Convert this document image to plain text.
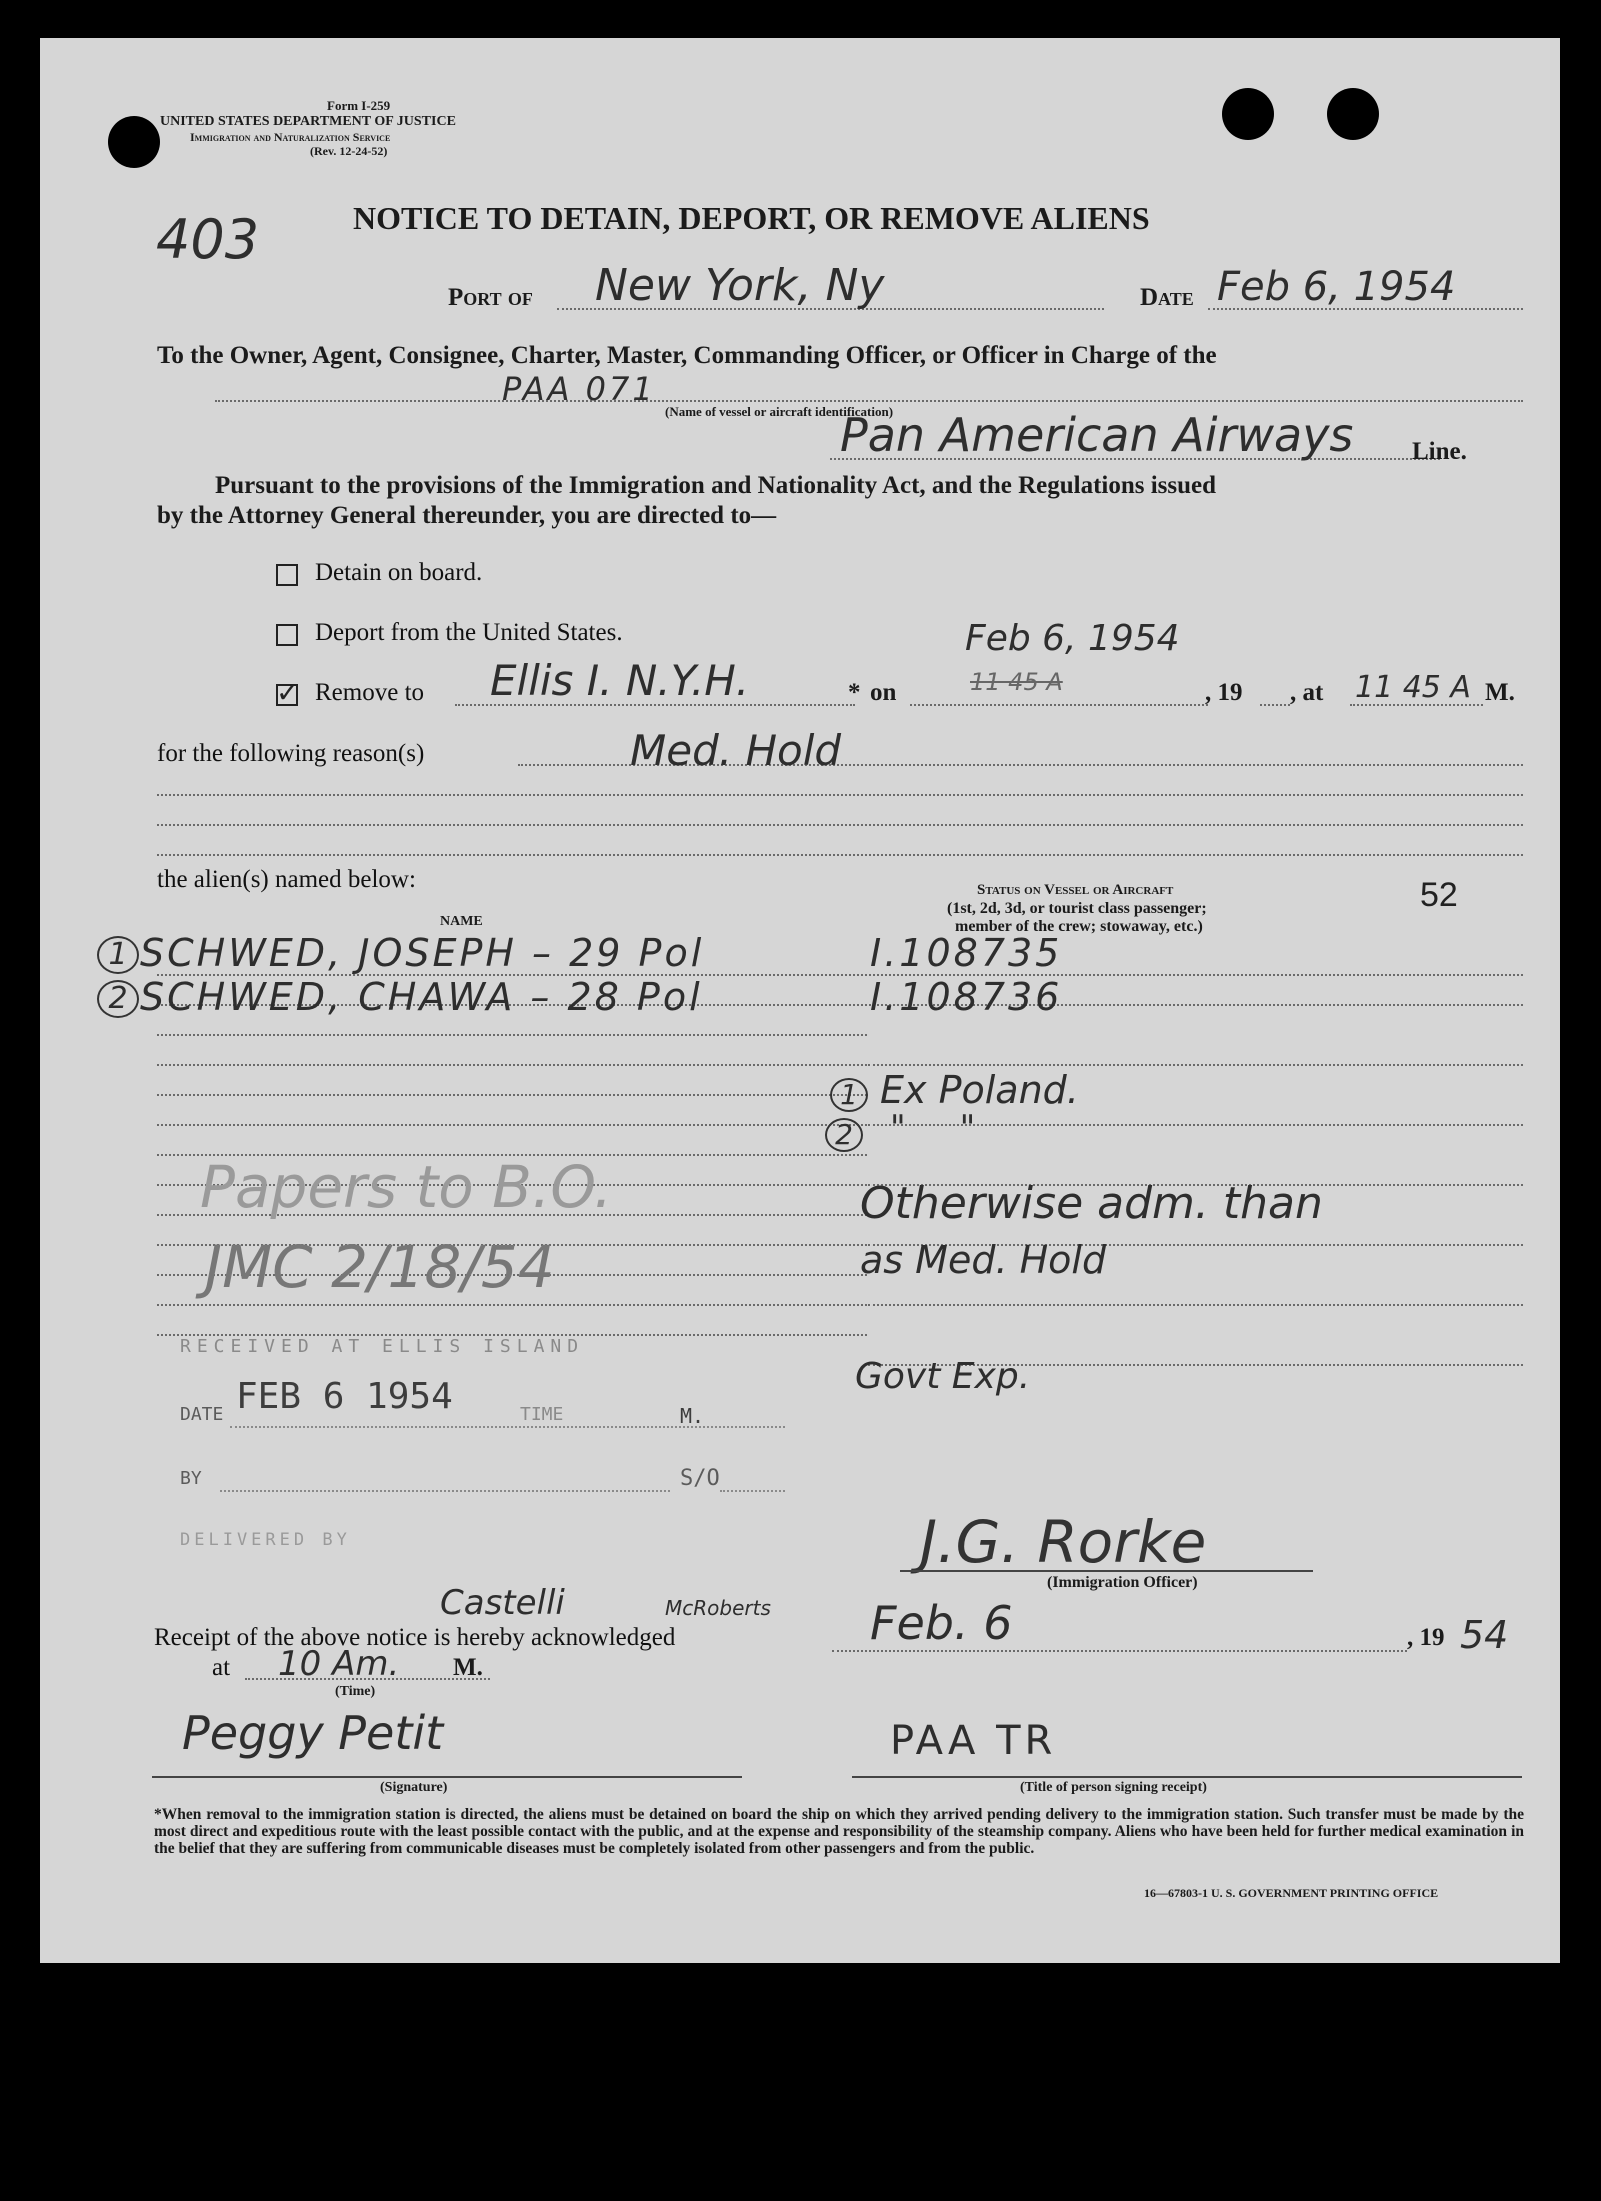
Form I-259
UNITED STATES DEPARTMENT OF JUSTICE
Immigration and Naturalization Service
(Rev. 12-24-52)
403	NOTICE TO DETAIN, DEPORT, OR REMOVE ALIENS
Port of New York, Ny	Date Feb 6, 1954
To the Owner, Agent, Consignee, Charter, Master, Commanding Officer, or Officer in Charge of the
PAA 071
(Name of vessel or aircraft identification)
Pan American Airways Line.
Pursuant to the provisions of the Immigration and Nationality Act, and the Regulations issued
by the Attorney General thereunder, you are directed to—
Detain on board.
Deport from the United States.
✓ Remove to Ellis I. N.Y.H.	* on
Feb 6, 1954
11 45 A	, 19 , at 11 45 A M.
for the following reason(s)	Med. Hold
the alien(s) named below:
NAME
Status on Vessel or Aircraft
(1st, 2d, 3d, or tourist class passenger;
member of the crew; stowaway, etc.)
52
1 SCHWED, JOSEPH – 29 Pol	I.108735
2 SCHWED, CHAWA – 28 Pol	I.108736
1 Ex Poland.
2 "     "
Otherwise adm. than
as Med. Hold
Govt Exp.
Papers to B.O.
JMC 2/18/54
RECEIVED AT ELLIS ISLAND
DATE FEB 6 1954	TIME	M.
BY	S/O
DELIVERED BY	J.G. Rorke
(Immigration Officer)
Castelli	McRoberts
Receipt of the above notice is hereby acknowledged	Feb. 6	, 19 54
at 10 Am. M.
(Time)
Peggy Petit
(Signature)
PAA TR
(Title of person signing receipt)
*When removal to the immigration station is directed, the aliens must be detained on board the ship on which they arrived pending delivery to the immigration station. Such transfer must be made by the most direct and expeditious route with the least possible contact with the public, and at the expense and responsibility of the steamship company. Aliens who have been held for further medical examination in the belief that they are suffering from communicable diseases must be completely isolated from other passengers and from the public.
16—67803-1 U. S. GOVERNMENT PRINTING OFFICE
